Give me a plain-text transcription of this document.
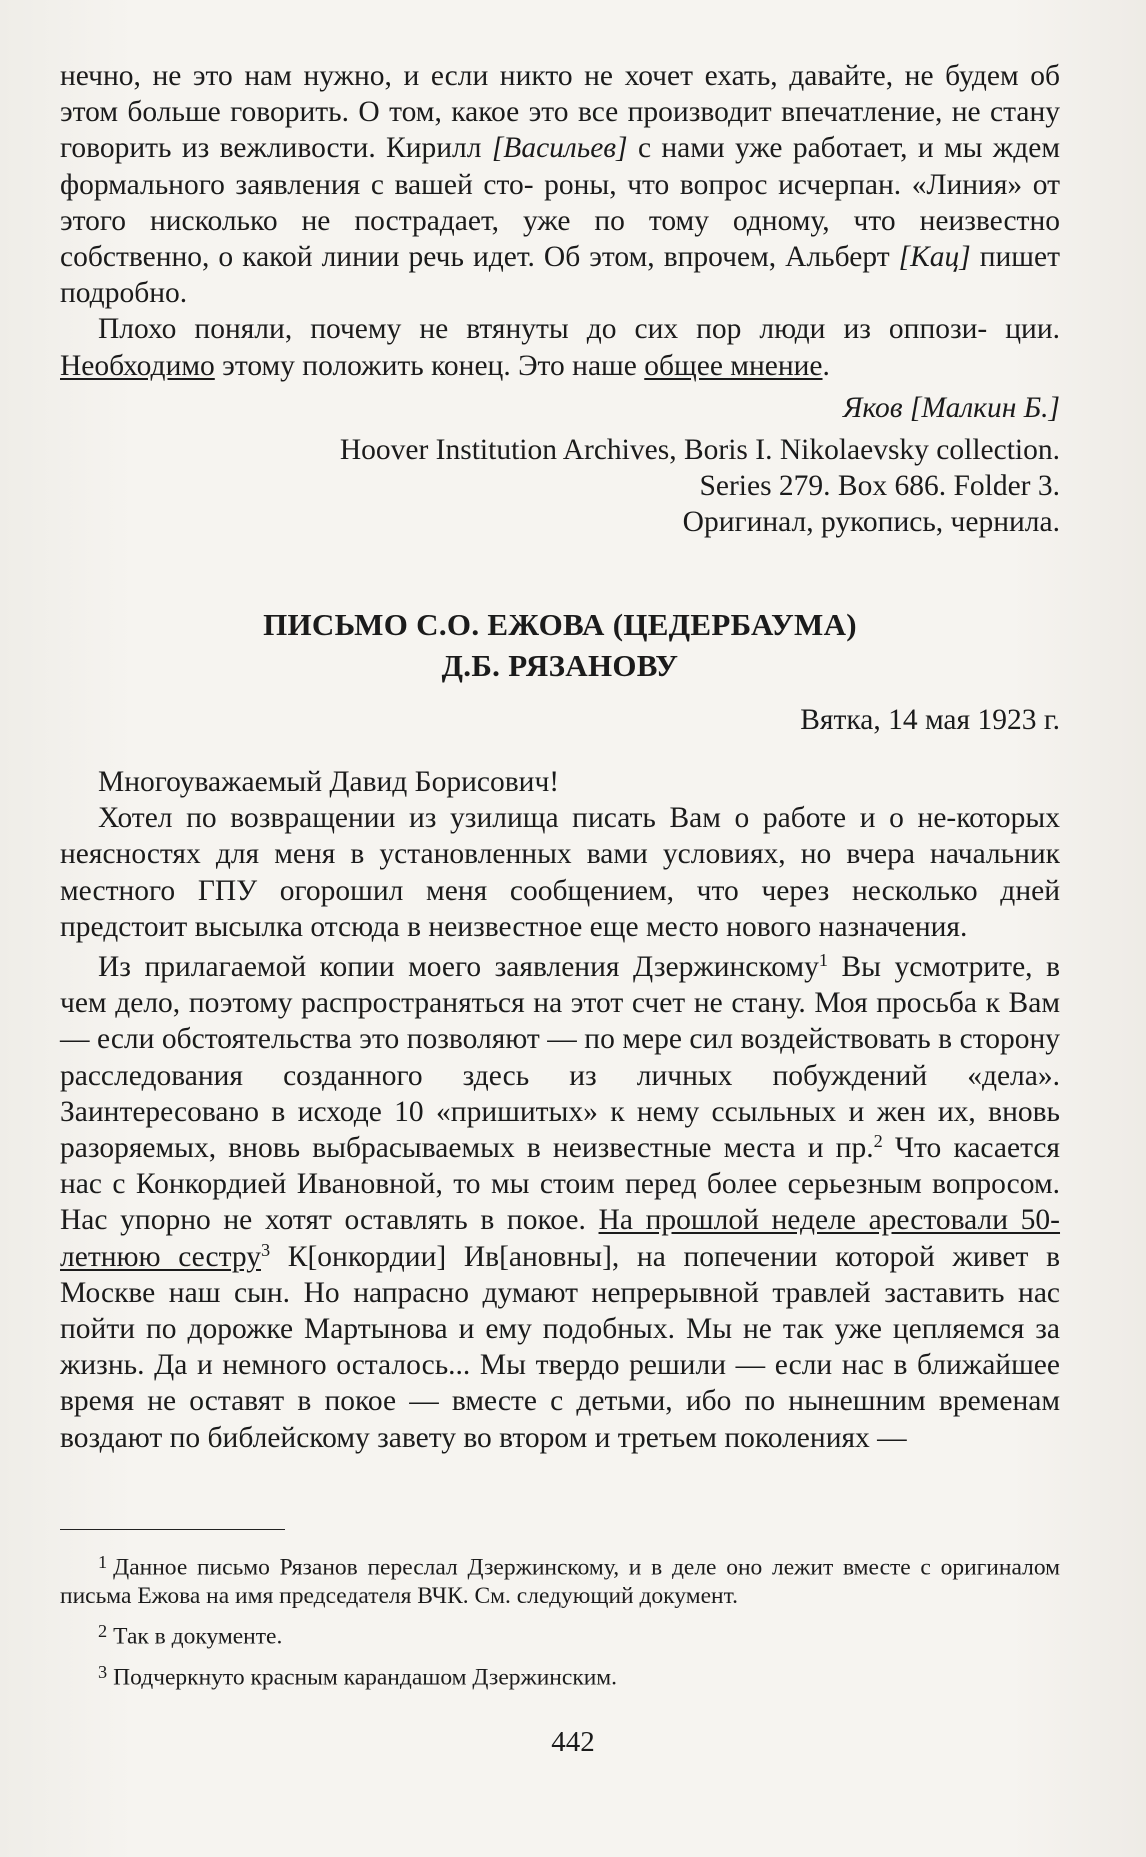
нечно, не это нам нужно, и если никто не хочет ехать, давайте, не будем об этом больше говорить. О том, какое это все производит впечатление, не стану говорить из вежливости. Кирилл [Васильев] с нами уже работает, и мы ждем формального заявления с вашей сто- роны, что вопрос исчерпан. «Линия» от этого нисколько не пострадает, уже по тому одному, что неизвестно собственно, о какой линии речь идет. Об этом, впрочем, Альберт [Кац] пишет подробно.

Плохо поняли, почему не втянуты до сих пор люди из оппози- ции. Необходимо этому положить конец. Это наше общее мнение.

Яков [Малкин Б.]

Hoover Institution Archives, Boris I. Nikolaevsky collection.

Series 279. Box 686. Folder 3.

Оригинал, рукопись, чернила.

ПИСЬМО С.О. ЕЖОВА (ЦЕДЕРБАУМА)

Д.Б. РЯЗАНОВУ

Вятка, 14 мая 1923 г.

Многоуважаемый Давид Борисович!

Хотел по возвращении из узилища писать Вам о работе и о не-которых неясностях для меня в установленных вами условиях, но вчера начальник местного ГПУ огорошил меня сообщением, что через несколько дней предстоит высылка отсюда в неизвестное еще место нового назначения.

Из прилагаемой копии моего заявления Дзержинскому$^1$ Вы усмотрите, в чем дело, поэтому распространяться на этот счет не стану. Моя просьба к Вам — если обстоятельства это позволяют — по мере сил воздействовать в сторону расследования созданного здесь из личных побуждений «дела». Заинтересовано в исходе 10 «пришитых» к нему ссыльных и жен их, вновь разоряемых, вновь выбрасываемых в неизвестные места и пр.$^2$ Что касается нас с Конкордией Ивановной, то мы стоим перед более серьезным вопросом. Нас упорно не хотят оставлять в покое. На прошлой неделе арестовали 50-летнюю сестру$^3$ К[онкордии] Ив[ановны], на попечении которой живет в Москве наш сын. Но напрасно думают непрерывной травлей заставить нас пойти по дорожке Мартынова и ему подобных. Мы не так уже цепляемся за жизнь. Да и немного осталось... Мы твердо решили — если нас в ближайшее время не оставят в покое — вместе с детьми, ибо по нынешним временам воздают по библейскому завету во втором и третьем поколениях —

$^1$ Данное письмо Рязанов переслал Дзержинскому, и в деле оно лежит вместе с оригиналом письма Ежова на имя председателя ВЧК. См. следующий документ.

$^2$ Так в документе.

$^3$ Подчеркнуто красным карандашом Дзержинским.

442
